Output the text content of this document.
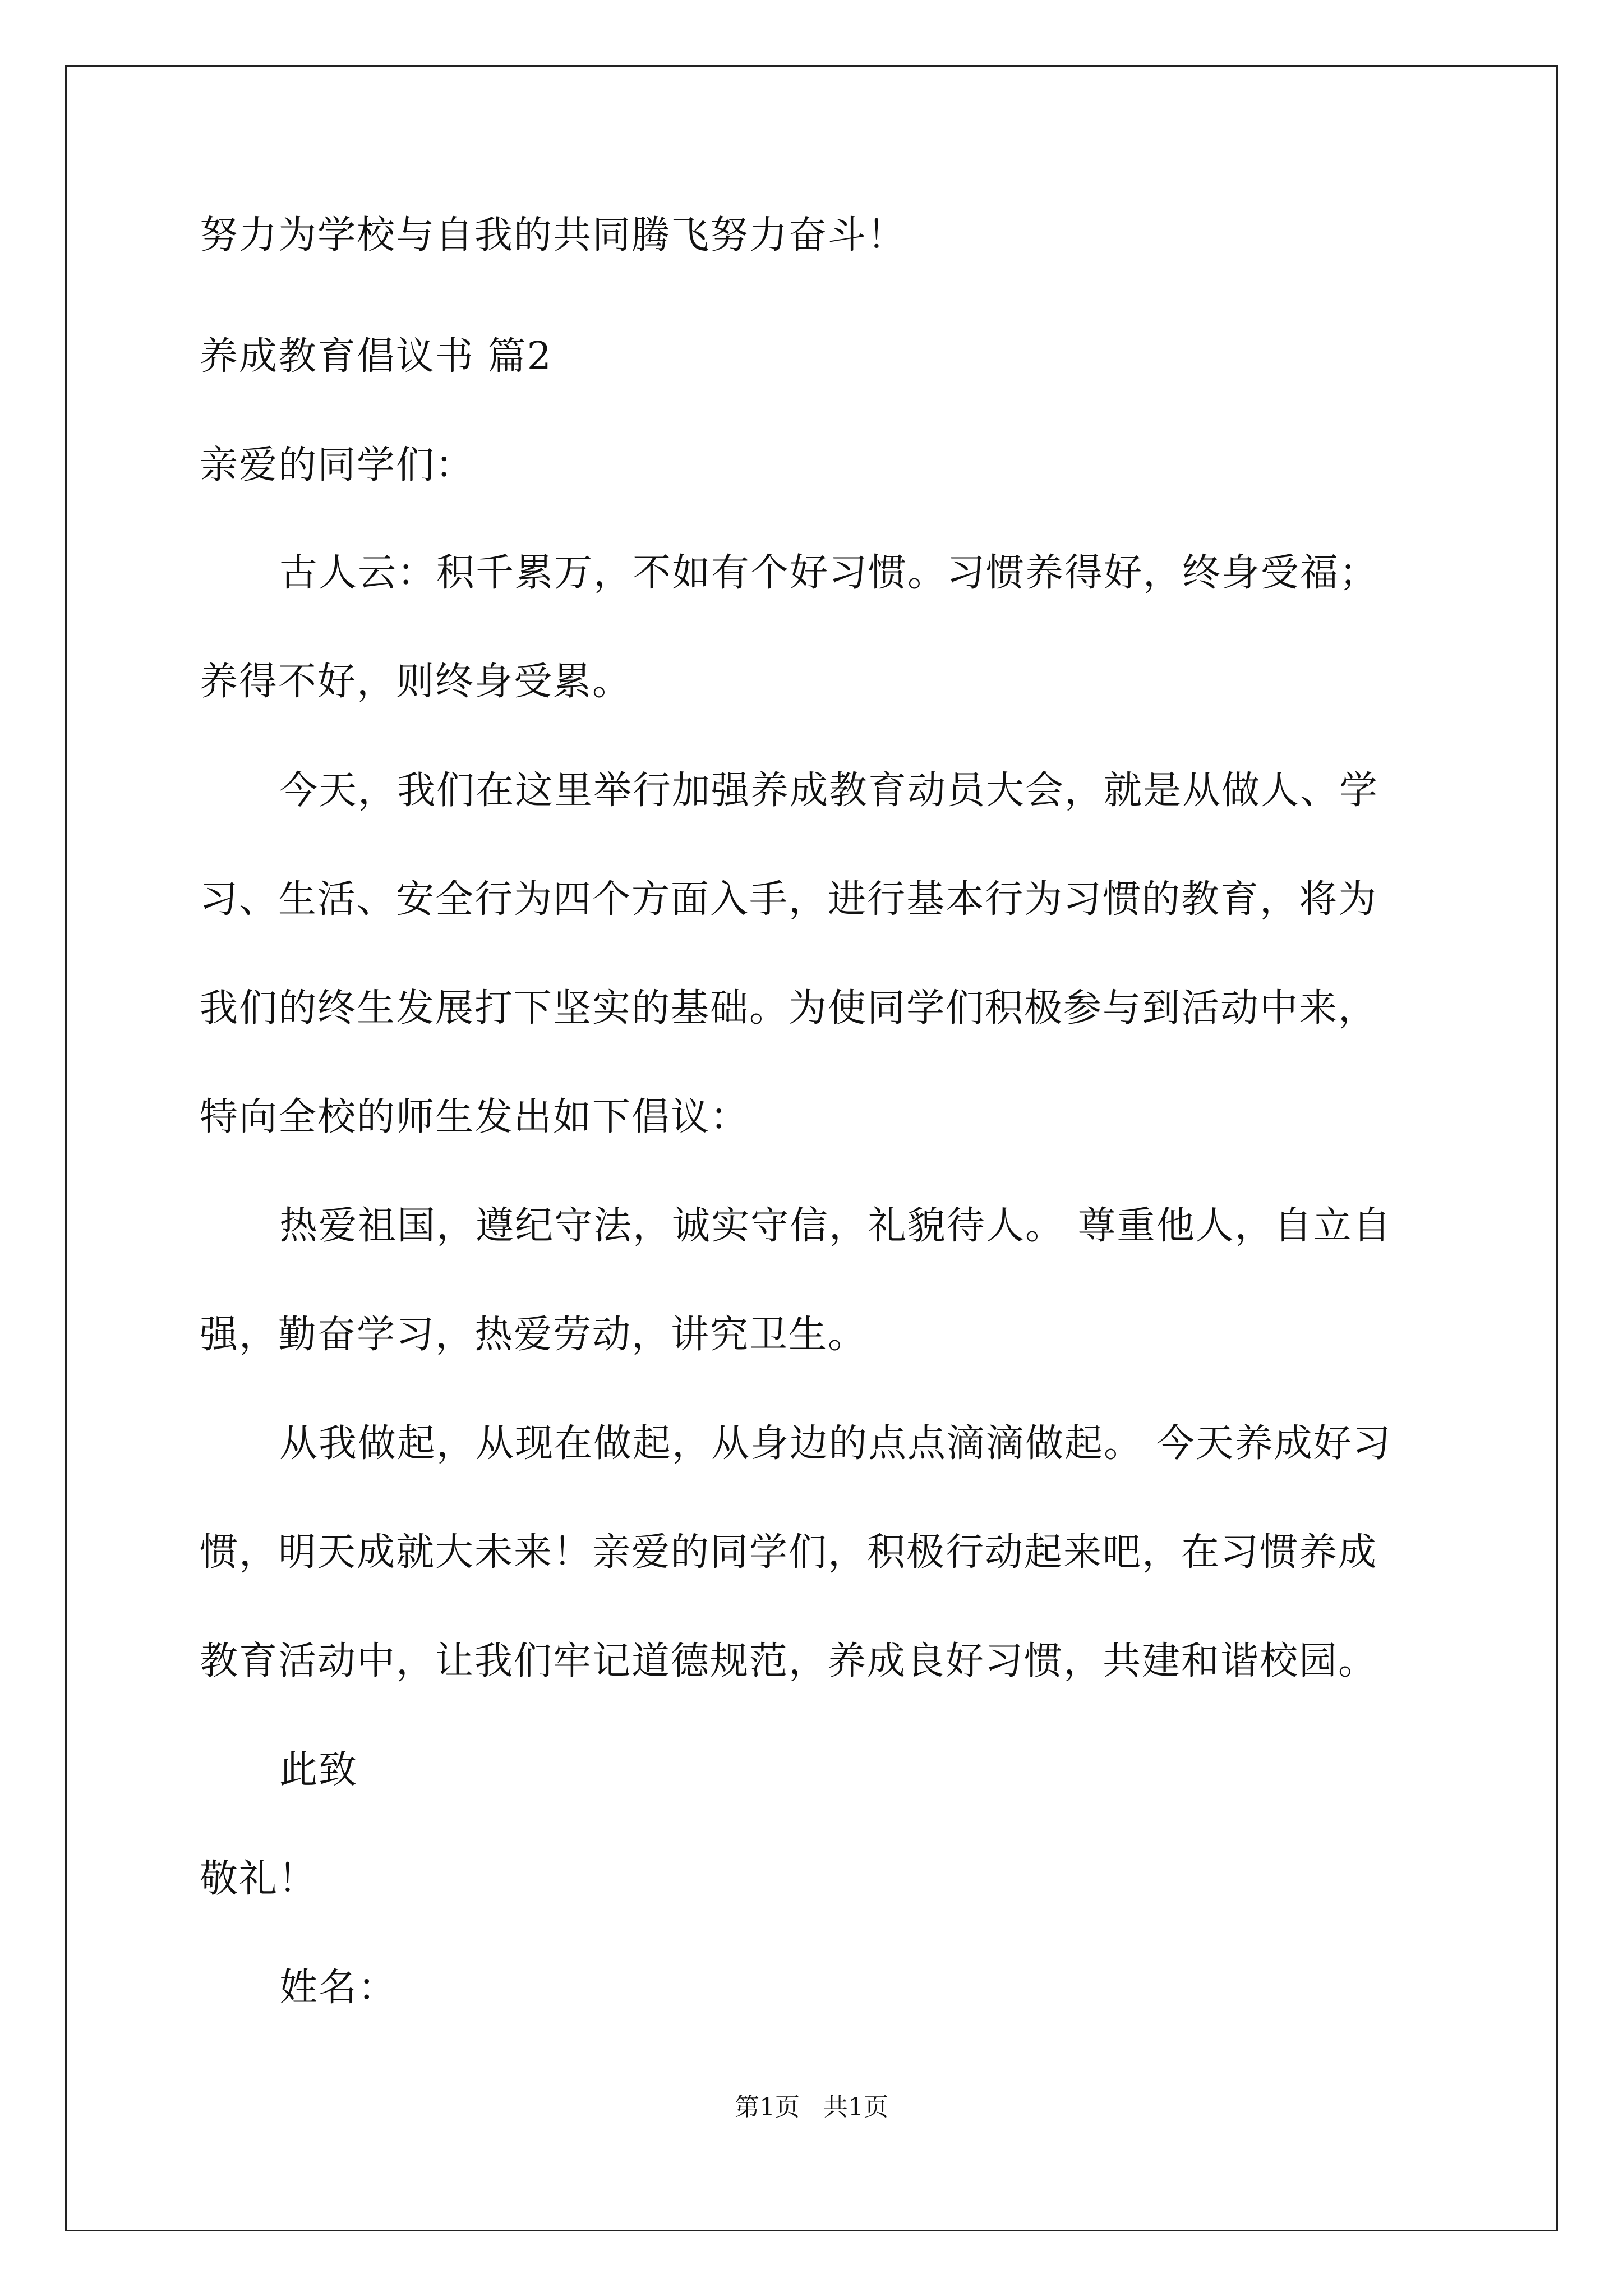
努力为学校与自我的共同腾飞努力奋斗！
养成教育倡议书 篇2
亲爱的同学们：
古人云：积千累万，不如有个好习惯。习惯养得好，终身受福；
养得不好，则终身受累。
今天，我们在这里举行加强养成教育动员大会，就是从做人、学
习、生活、安全行为四个方面入手，进行基本行为习惯的教育，将为
我们的终生发展打下坚实的基础。为使同学们积极参与到活动中来，
特向全校的师生发出如下倡议：
热爱祖国，遵纪守法，诚实守信，礼貌待人。 尊重他人，自立自
强，勤奋学习，热爱劳动，讲究卫生。
从我做起，从现在做起，从身边的点点滴滴做起。 今天养成好习
惯，明天成就大未来！亲爱的同学们，积极行动起来吧，在习惯养成
教育活动中，让我们牢记道德规范，养成良好习惯，共建和谐校园。
此致
敬礼！
姓名：
第1页   共1页
